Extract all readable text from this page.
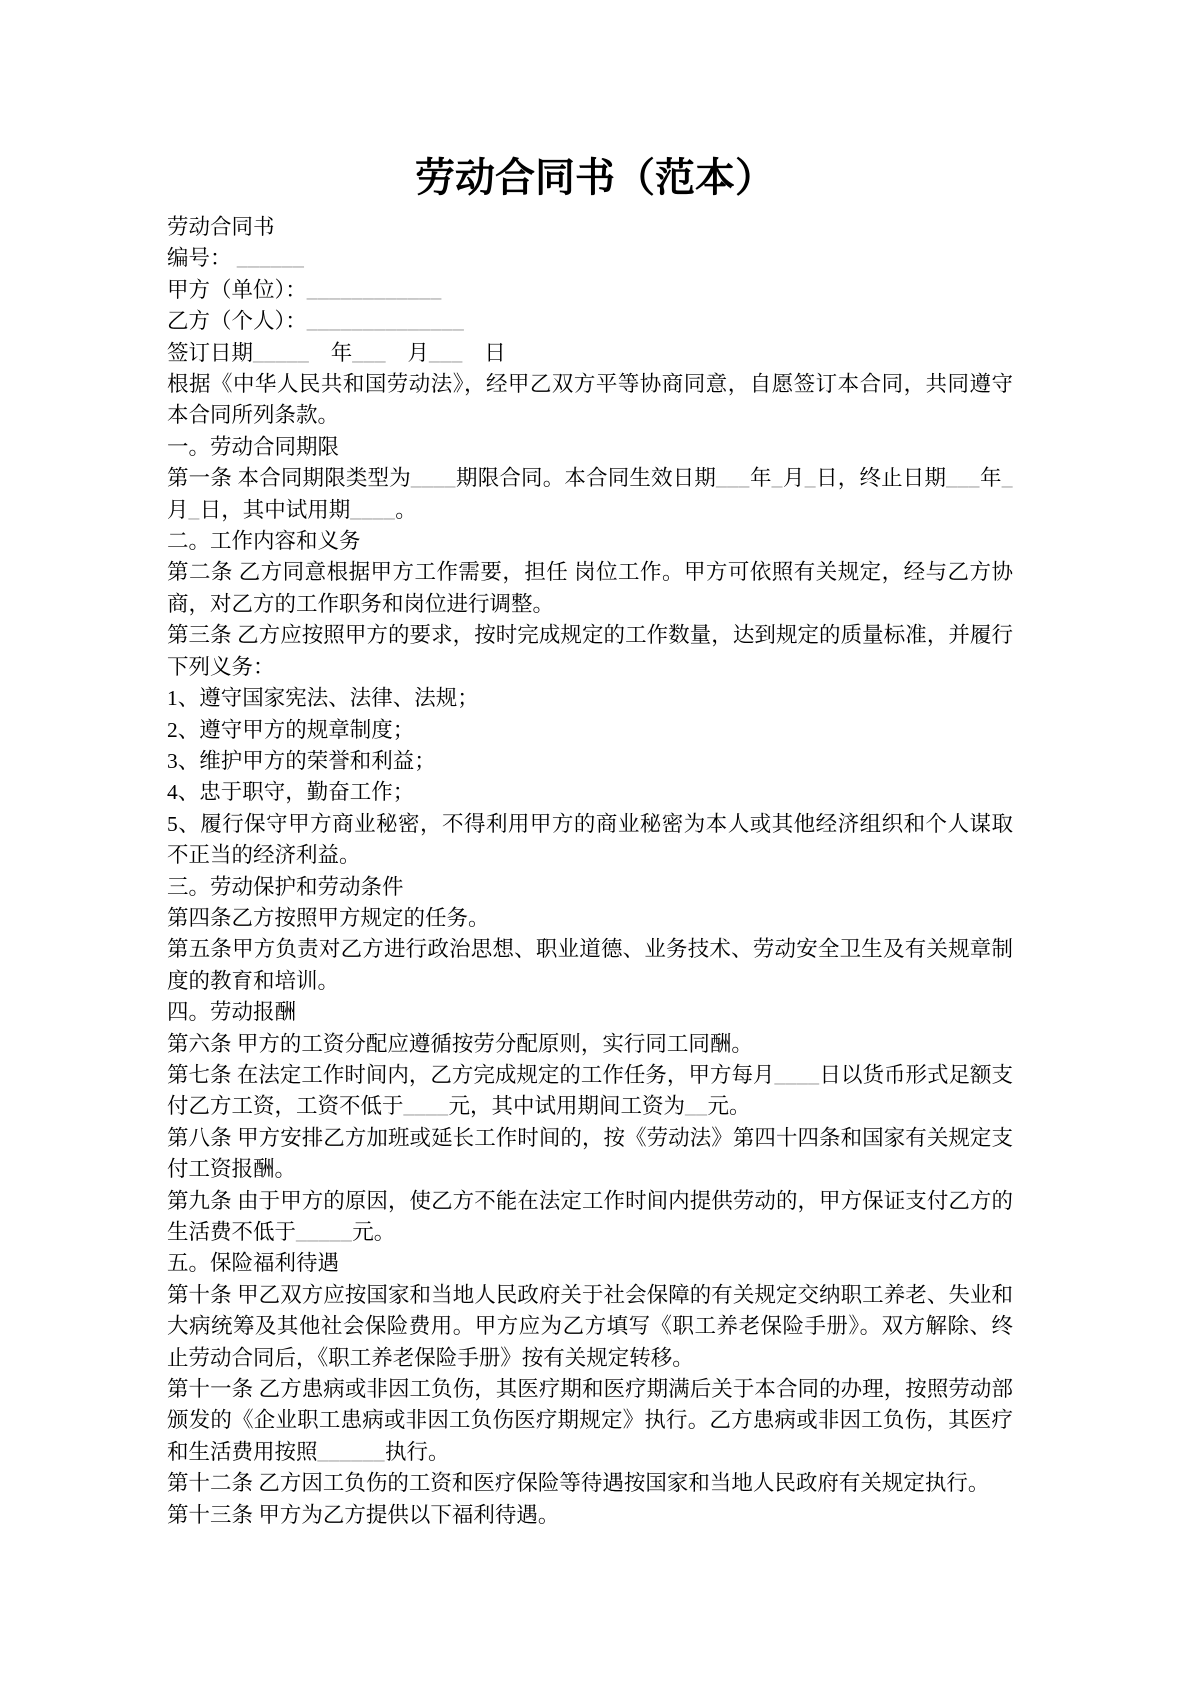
劳动合同书（范本）

劳动合同书

编号： ______

甲方（单位）：____________

乙方（个人）：______________

签订日期_____　年___　月___　日

根据《中华人民共和国劳动法》，经甲乙双方平等协商同意，自愿签订本合同，共同遵守本合同所列条款。

一。劳动合同期限

第一条 本合同期限类型为____期限合同。本合同生效日期___年_月_日，终止日期___年_月_日，其中试用期____。

二。工作内容和义务

第二条 乙方同意根据甲方工作需要，担任 岗位工作。甲方可依照有关规定，经与乙方协商，对乙方的工作职务和岗位进行调整。

第三条 乙方应按照甲方的要求，按时完成规定的工作数量，达到规定的质量标准，并履行下列义务：

1、遵守国家宪法、法律、法规；

2、遵守甲方的规章制度；

3、维护甲方的荣誉和利益；

4、忠于职守，勤奋工作；

5、履行保守甲方商业秘密，不得利用甲方的商业秘密为本人或其他经济组织和个人谋取不正当的经济利益。

三。劳动保护和劳动条件

第四条乙方按照甲方规定的任务。

第五条甲方负责对乙方进行政治思想、职业道德、业务技术、劳动安全卫生及有关规章制度的教育和培训。

四。劳动报酬

第六条 甲方的工资分配应遵循按劳分配原则，实行同工同酬。

第七条 在法定工作时间内，乙方完成规定的工作任务，甲方每月____日以货币形式足额支付乙方工资，工资不低于____元，其中试用期间工资为__元。

第八条 甲方安排乙方加班或延长工作时间的，按《劳动法》第四十四条和国家有关规定支付工资报酬。

第九条 由于甲方的原因，使乙方不能在法定工作时间内提供劳动的，甲方保证支付乙方的生活费不低于_____元。

五。保险福利待遇

第十条 甲乙双方应按国家和当地人民政府关于社会保障的有关规定交纳职工养老、失业和大病统筹及其他社会保险费用。甲方应为乙方填写《职工养老保险手册》。双方解除、终止劳动合同后，《职工养老保险手册》按有关规定转移。

第十一条 乙方患病或非因工负伤，其医疗期和医疗期满后关于本合同的办理，按照劳动部颁发的《企业职工患病或非因工负伤医疗期规定》执行。乙方患病或非因工负伤，其医疗和生活费用按照______执行。

第十二条 乙方因工负伤的工资和医疗保险等待遇按国家和当地人民政府有关规定执行。

第十三条 甲方为乙方提供以下福利待遇。
